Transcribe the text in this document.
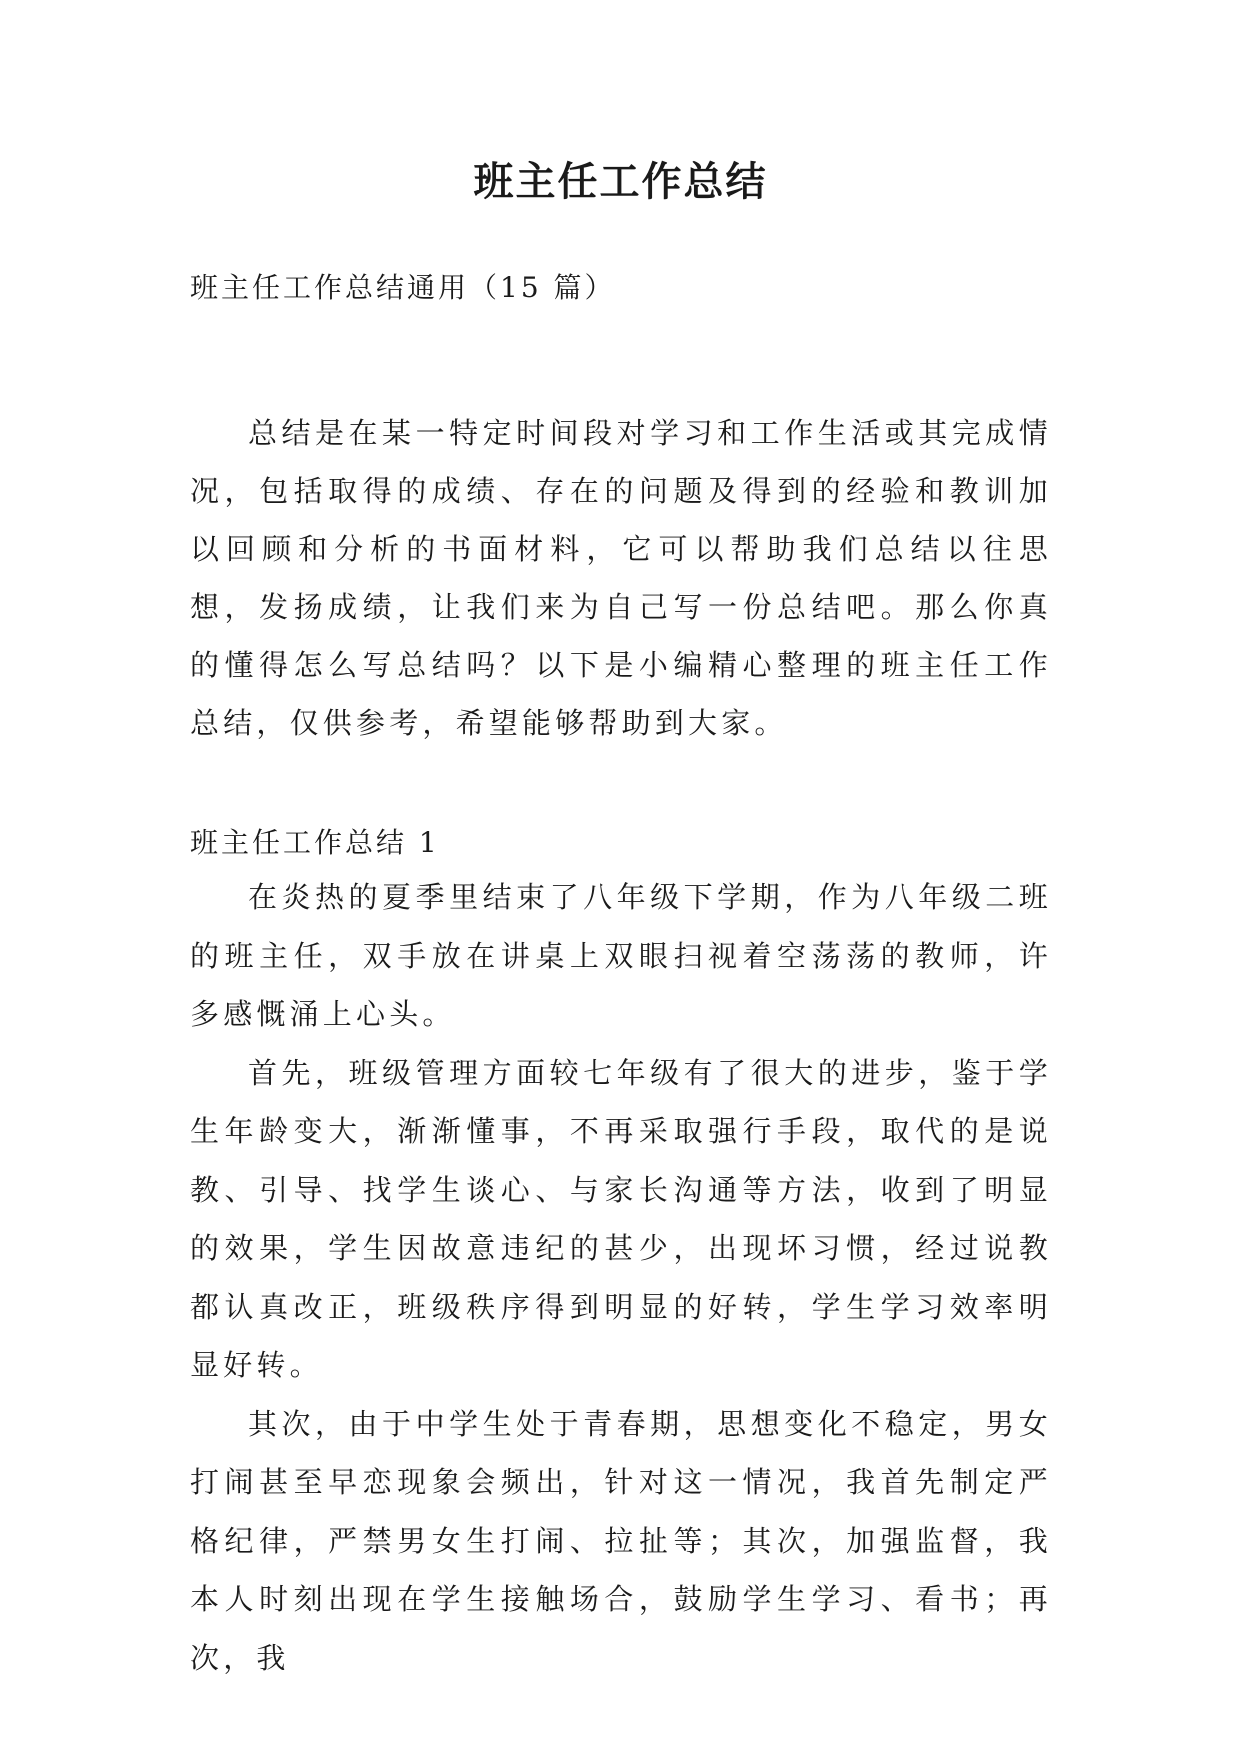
班主任工作总结
班主任工作总结通用（15 篇）

总结是在某一特定时间段对学习和工作生活或其完成情况，包括取得的成绩、存在的问题及得到的经验和教训加以回顾和分析的书面材料，它可以帮助我们总结以往思想，发扬成绩，让我们来为自己写一份总结吧。那么你真的懂得怎么写总结吗？以下是小编精心整理的班主任工作总结，仅供参考，希望能够帮助到大家。

班主任工作总结 1

在炎热的夏季里结束了八年级下学期，作为八年级二班的班主任，双手放在讲桌上双眼扫视着空荡荡的教师，许多感慨涌上心头。

首先，班级管理方面较七年级有了很大的进步，鉴于学生年龄变大，渐渐懂事，不再采取强行手段，取代的是说教、引导、找学生谈心、与家长沟通等方法，收到了明显的效果，学生因故意违纪的甚少，出现坏习惯，经过说教都认真改正，班级秩序得到明显的好转，学生学习效率明显好转。

其次，由于中学生处于青春期，思想变化不稳定，男女打闹甚至早恋现象会频出，针对这一情况，我首先制定严格纪律，严禁男女生打闹、拉扯等；其次，加强监督，我本人时刻出现在学生接触场合，鼓励学生学习、看书；再次，我
